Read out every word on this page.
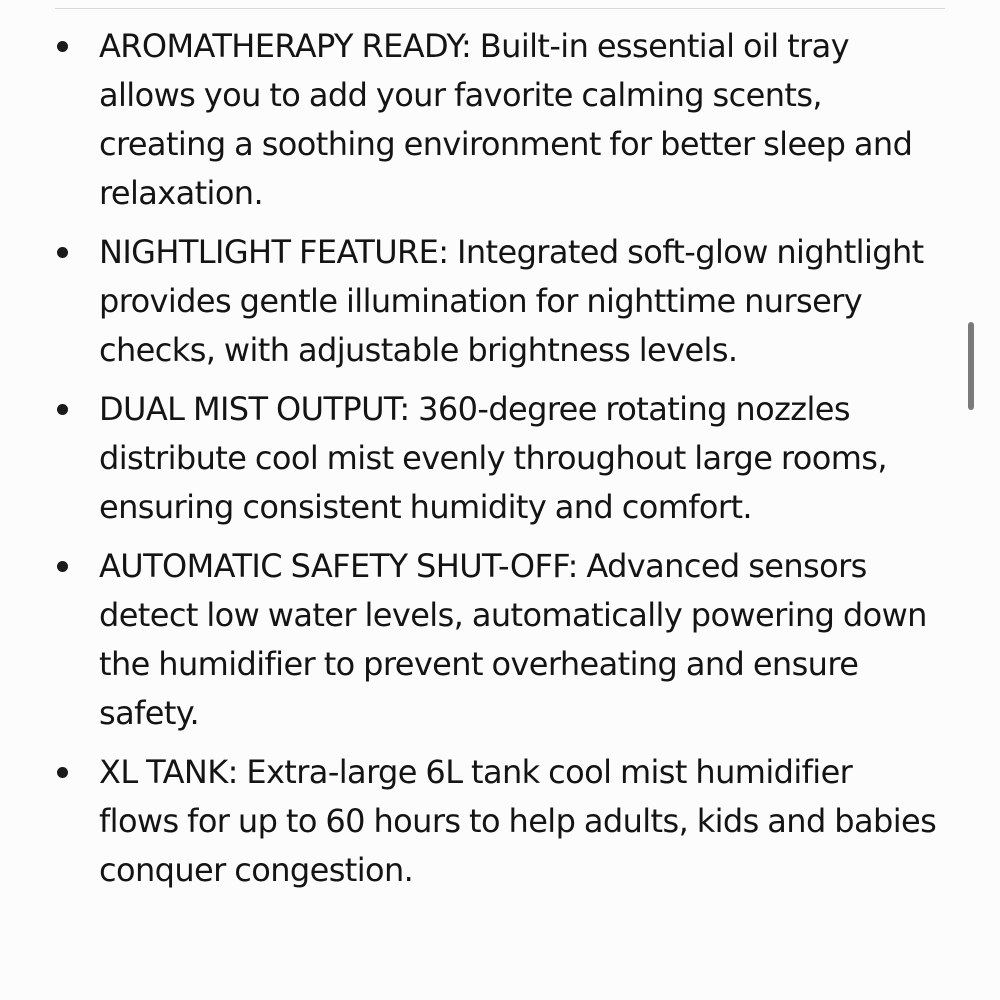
AROMATHERAPY READY: Built-in essential oil tray allows you to add your favorite calming scents, creating a soothing environment for better sleep and relaxation.
NIGHTLIGHT FEATURE: Integrated soft-glow nightlight provides gentle illumination for nighttime nursery checks, with adjustable brightness levels.
DUAL MIST OUTPUT: 360-degree rotating nozzles distribute cool mist evenly throughout large rooms, ensuring consistent humidity and comfort.
AUTOMATIC SAFETY SHUT-OFF: Advanced sensors detect low water levels, automatically powering down the humidifier to prevent overheating and ensure safety.
XL TANK: Extra-large 6L tank cool mist humidifier flows for up to 60 hours to help adults, kids and babies conquer congestion.
